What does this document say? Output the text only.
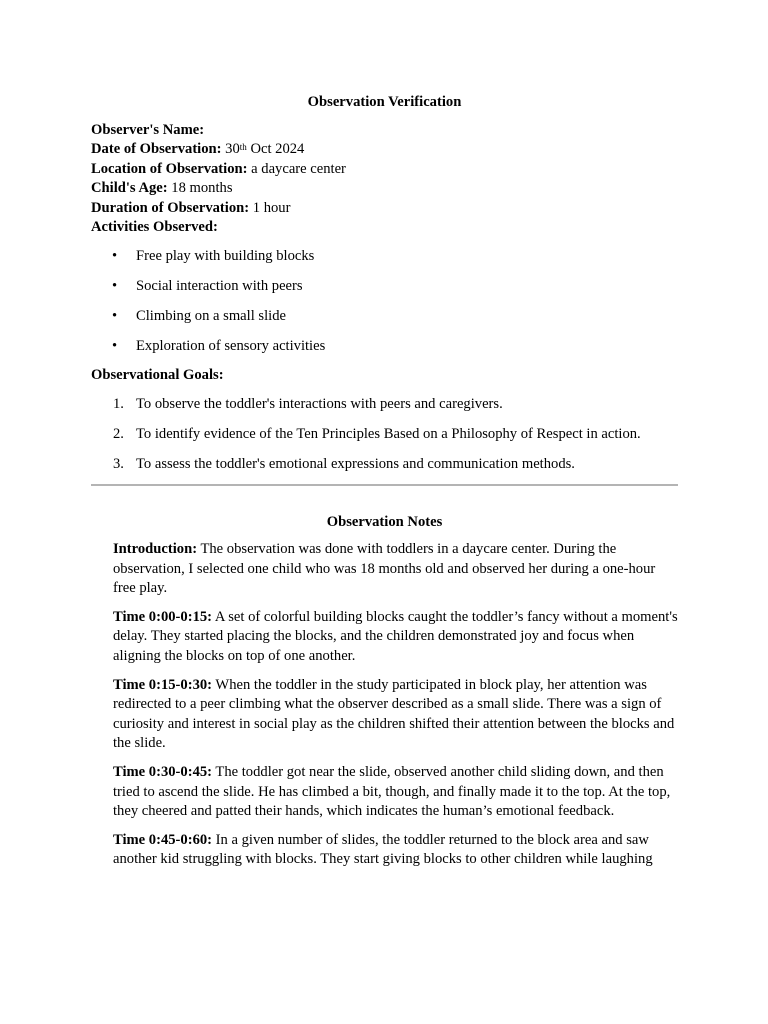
Observation Verification

Observer's Name:

Date of Observation: 30th Oct 2024

Location of Observation: a daycare center

Child's Age: 18 months

Duration of Observation: 1 hour

Activities Observed:

• Free play with building blocks
• Social interaction with peers
• Climbing on a small slide
• Exploration of sensory activities

Observational Goals:

1. To observe the toddler's interactions with peers and caregivers.
2. To identify evidence of the Ten Principles Based on a Philosophy of Respect in action.
3. To assess the toddler's emotional expressions and communication methods.
Observation Notes

Introduction: The observation was done with toddlers in a daycare center. During the observation, I selected one child who was 18 months old and observed her during a one-hour free play.

Time 0:00-0:15: A set of colorful building blocks caught the toddler’s fancy without a moment's delay. They started placing the blocks, and the children demonstrated joy and focus when aligning the blocks on top of one another.

Time 0:15-0:30: When the toddler in the study participated in block play, her attention was redirected to a peer climbing what the observer described as a small slide. There was a sign of curiosity and interest in social play as the children shifted their attention between the blocks and the slide.

Time 0:30-0:45: The toddler got near the slide, observed another child sliding down, and then tried to ascend the slide. He has climbed a bit, though, and finally made it to the top. At the top, they cheered and patted their hands, which indicates the human’s emotional feedback.

Time 0:45-0:60: In a given number of slides, the toddler returned to the block area and saw another kid struggling with blocks. They start giving blocks to other children while laughing
